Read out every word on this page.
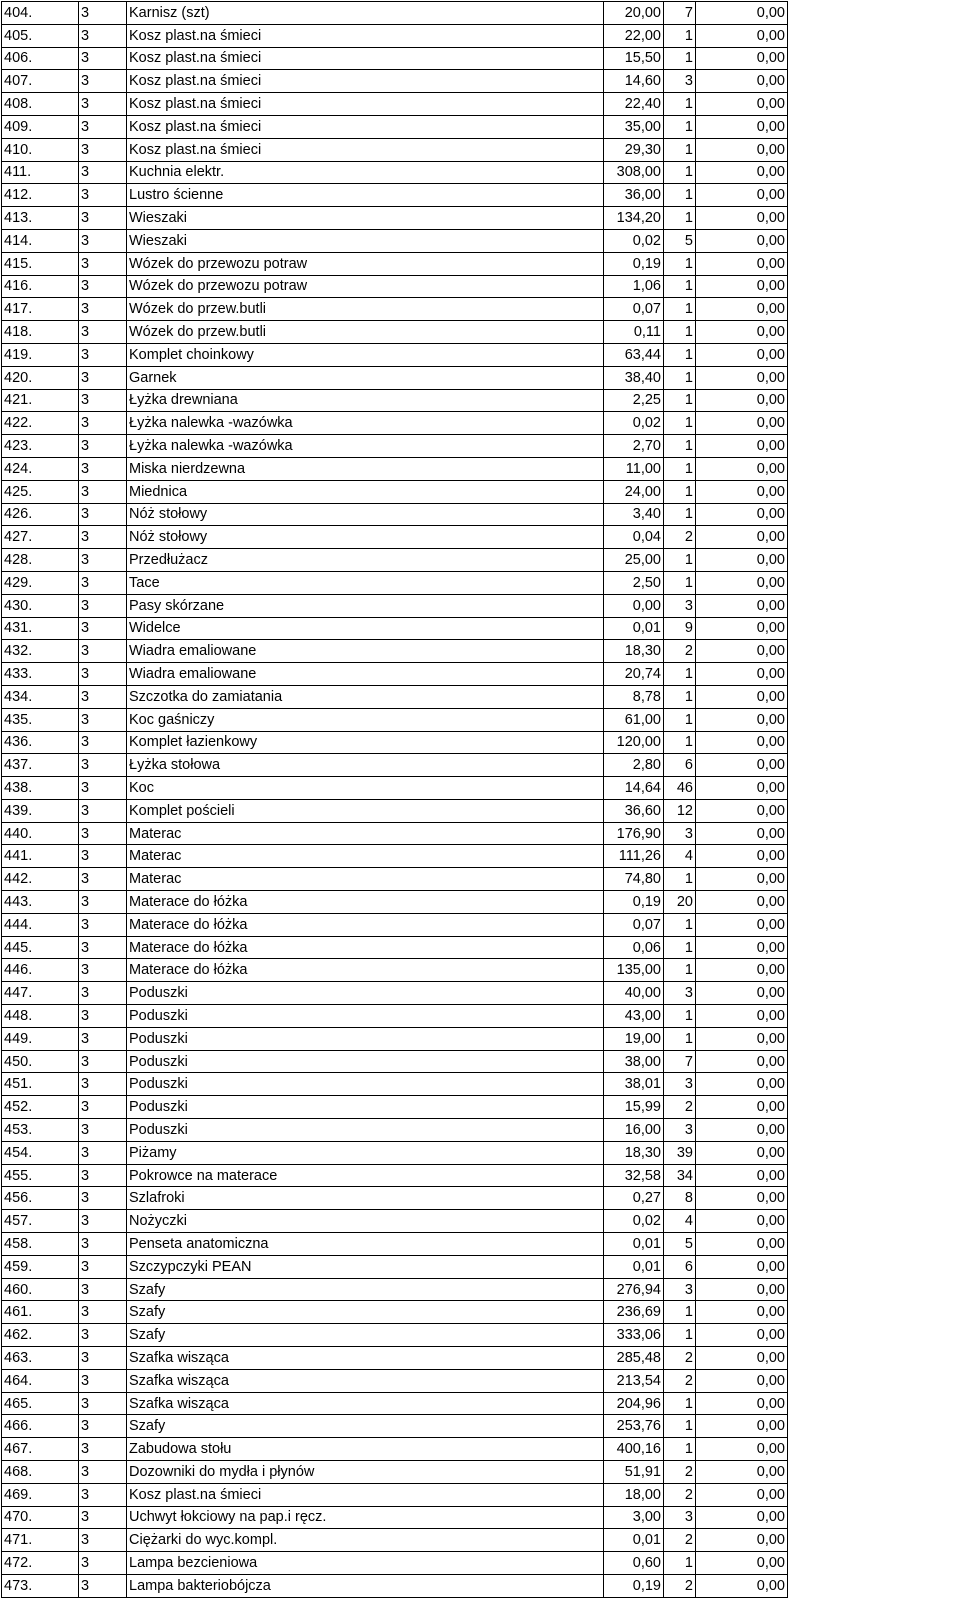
404.	3	Karnisz (szt)	20,00	7	0,00
405.	3	Kosz plast.na śmieci	22,00	1	0,00
406.	3	Kosz plast.na śmieci	15,50	1	0,00
407.	3	Kosz plast.na śmieci	14,60	3	0,00
408.	3	Kosz plast.na śmieci	22,40	1	0,00
409.	3	Kosz plast.na śmieci	35,00	1	0,00
410.	3	Kosz plast.na śmieci	29,30	1	0,00
411.	3	Kuchnia elektr.	308,00	1	0,00
412.	3	Lustro ścienne	36,00	1	0,00
413.	3	Wieszaki	134,20	1	0,00
414.	3	Wieszaki	0,02	5	0,00
415.	3	Wózek do przewozu potraw	0,19	1	0,00
416.	3	Wózek do przewozu potraw	1,06	1	0,00
417.	3	Wózek do przew.butli	0,07	1	0,00
418.	3	Wózek do przew.butli	0,11	1	0,00
419.	3	Komplet choinkowy	63,44	1	0,00
420.	3	Garnek	38,40	1	0,00
421.	3	Łyżka drewniana	2,25	1	0,00
422.	3	Łyżka nalewka -wazówka	0,02	1	0,00
423.	3	Łyżka nalewka -wazówka	2,70	1	0,00
424.	3	Miska nierdzewna	11,00	1	0,00
425.	3	Miednica	24,00	1	0,00
426.	3	Nóż stołowy	3,40	1	0,00
427.	3	Nóż stołowy	0,04	2	0,00
428.	3	Przedłużacz	25,00	1	0,00
429.	3	Tace	2,50	1	0,00
430.	3	Pasy skórzane	0,00	3	0,00
431.	3	Widelce	0,01	9	0,00
432.	3	Wiadra emaliowane	18,30	2	0,00
433.	3	Wiadra emaliowane	20,74	1	0,00
434.	3	Szczotka do zamiatania	8,78	1	0,00
435.	3	Koc gaśniczy	61,00	1	0,00
436.	3	Komplet łazienkowy	120,00	1	0,00
437.	3	Łyżka stołowa	2,80	6	0,00
438.	3	Koc	14,64	46	0,00
439.	3	Komplet pościeli	36,60	12	0,00
440.	3	Materac	176,90	3	0,00
441.	3	Materac	111,26	4	0,00
442.	3	Materac	74,80	1	0,00
443.	3	Materace do łóżka	0,19	20	0,00
444.	3	Materace do łóżka	0,07	1	0,00
445.	3	Materace do łóżka	0,06	1	0,00
446.	3	Materace do łóżka	135,00	1	0,00
447.	3	Poduszki	40,00	3	0,00
448.	3	Poduszki	43,00	1	0,00
449.	3	Poduszki	19,00	1	0,00
450.	3	Poduszki	38,00	7	0,00
451.	3	Poduszki	38,01	3	0,00
452.	3	Poduszki	15,99	2	0,00
453.	3	Poduszki	16,00	3	0,00
454.	3	Piżamy	18,30	39	0,00
455.	3	Pokrowce na materace	32,58	34	0,00
456.	3	Szlafroki	0,27	8	0,00
457.	3	Nożyczki	0,02	4	0,00
458.	3	Penseta anatomiczna	0,01	5	0,00
459.	3	Szczypczyki PEAN	0,01	6	0,00
460.	3	Szafy	276,94	3	0,00
461.	3	Szafy	236,69	1	0,00
462.	3	Szafy	333,06	1	0,00
463.	3	Szafka wisząca	285,48	2	0,00
464.	3	Szafka wisząca	213,54	2	0,00
465.	3	Szafka wisząca	204,96	1	0,00
466.	3	Szafy	253,76	1	0,00
467.	3	Zabudowa stołu	400,16	1	0,00
468.	3	Dozowniki do mydła i płynów	51,91	2	0,00
469.	3	Kosz plast.na śmieci	18,00	2	0,00
470.	3	Uchwyt łokciowy na pap.i ręcz.	3,00	3	0,00
471.	3	Ciężarki do wyc.kompl.	0,01	2	0,00
472.	3	Lampa bezcieniowa	0,60	1	0,00
473.	3	Lampa bakteriobójcza	0,19	2	0,00
